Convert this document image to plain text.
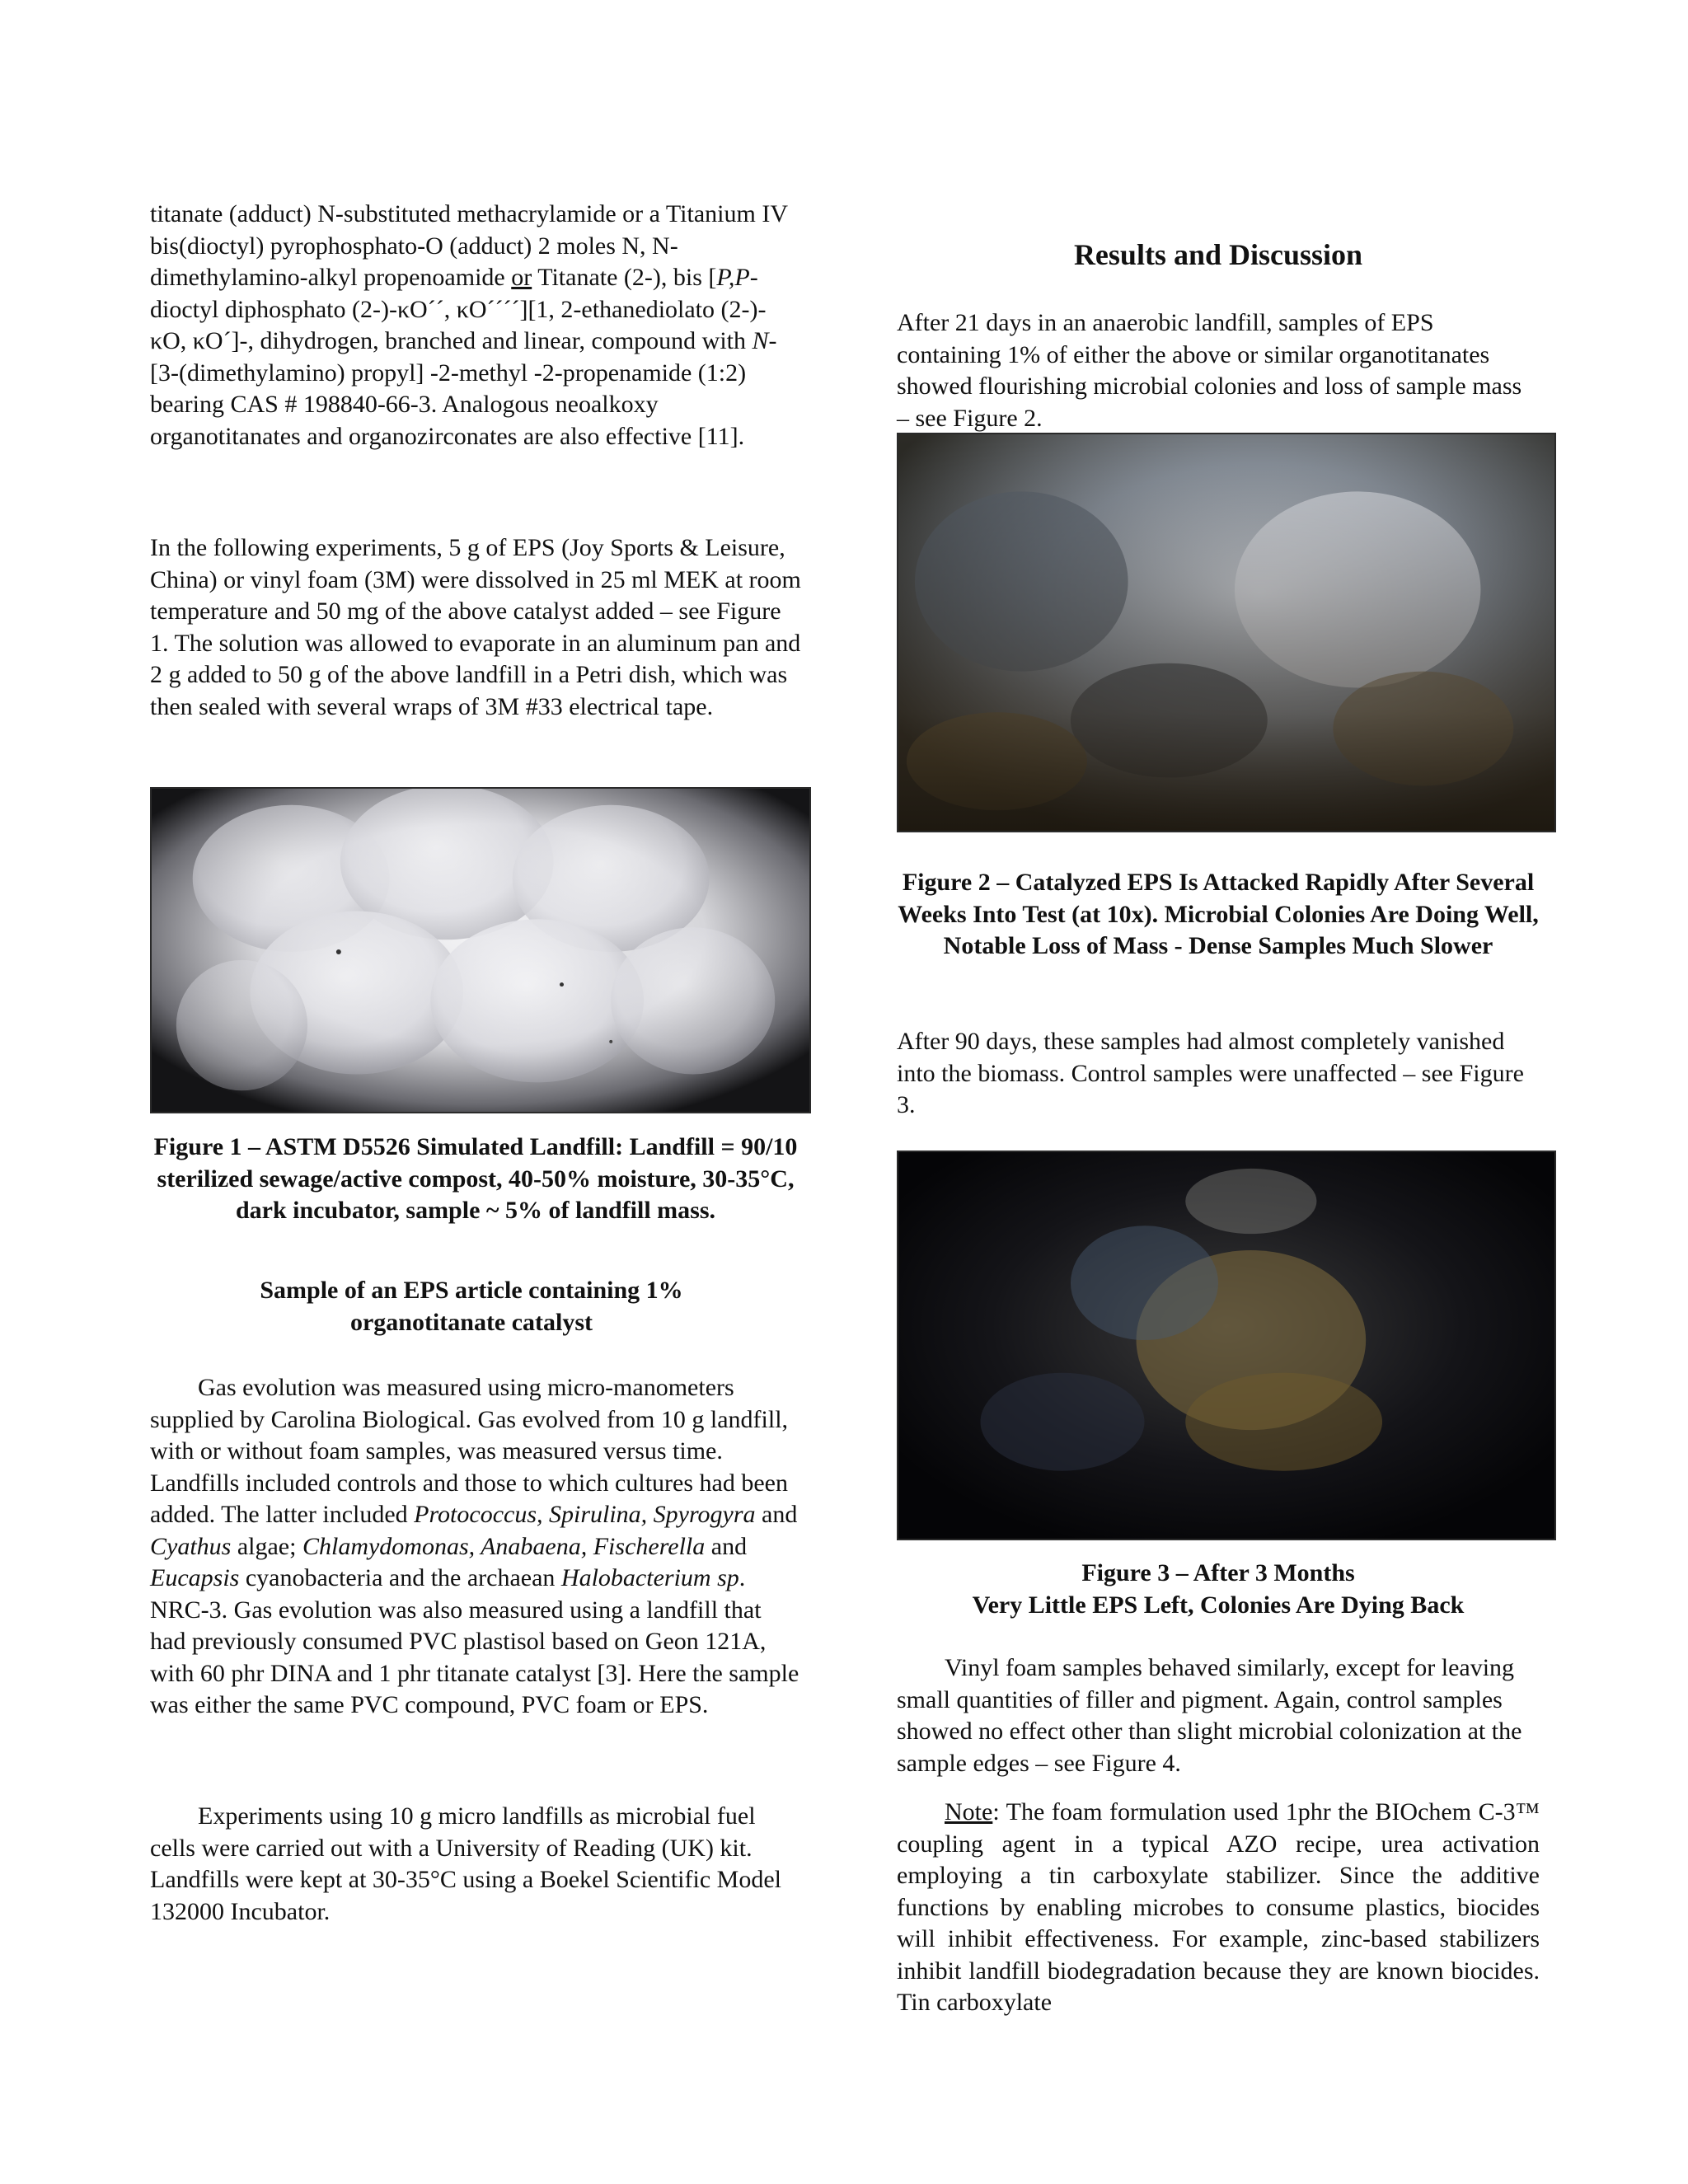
titanate (adduct) N-substituted methacrylamide or a Titanium IV bis(dioctyl) pyrophosphato-O (adduct) 2 moles N, N-dimethylamino-alkyl propenoamide or Titanate (2-), bis [P,P-dioctyl diphosphato (2-)-κO´´, κO´´´´][1, 2-ethanediolato (2-)-κO, κO´]-, dihydrogen, branched and linear, compound with N-[3-(dimethylamino) propyl] -2-methyl -2-propenamide (1:2) bearing CAS # 198840-66-3. Analogous neoalkoxy organotitanates and organozirconates are also effective [11].

In the following experiments, 5 g of EPS (Joy Sports & Leisure, China) or vinyl foam (3M) were dissolved in 25 ml MEK at room temperature and 50 mg of the above catalyst added – see Figure 1. The solution was allowed to evaporate in an aluminum pan and 2 g added to 50 g of the above landfill in a Petri dish, which was then sealed with several wraps of 3M #33 electrical tape.

Figure 1 – ASTM D5526 Simulated Landfill: Landfill = 90/10 sterilized sewage/active compost, 40-50% moisture, 30-35°C, dark incubator, sample ~ 5% of landfill mass.

Sample of an EPS article containing 1% organotitanate catalyst

Gas evolution was measured using micro-manometers supplied by Carolina Biological. Gas evolved from 10 g landfill, with or without foam samples, was measured versus time. Landfills included controls and those to which cultures had been added. The latter included Protococcus, Spirulina, Spyrogyra and Cyathus algae; Chlamydomonas, Anabaena, Fischerella and Eucapsis cyanobacteria and the archaean Halobacterium sp. NRC-3. Gas evolution was also measured using a landfill that had previously consumed PVC plastisol based on Geon 121A, with 60 phr DINA and 1 phr titanate catalyst [3]. Here the sample was either the same PVC compound, PVC foam or EPS.

Experiments using 10 g micro landfills as microbial fuel cells were carried out with a University of Reading (UK) kit. Landfills were kept at 30-35°C using a Boekel Scientific Model 132000 Incubator.

Results and Discussion

After 21 days in an anaerobic landfill, samples of EPS containing 1% of either the above or similar organotitanates showed flourishing microbial colonies and loss of sample mass – see Figure 2.

Figure 2 – Catalyzed EPS Is Attacked Rapidly After Several Weeks Into Test (at 10x). Microbial Colonies Are Doing Well, Notable Loss of Mass - Dense Samples Much Slower

After 90 days, these samples had almost completely vanished into the biomass. Control samples were unaffected – see Figure 3.

Figure 3 – After 3 Months

Very Little EPS Left, Colonies Are Dying Back

Vinyl foam samples behaved similarly, except for leaving small quantities of filler and pigment. Again, control samples showed no effect other than slight microbial colonization at the sample edges – see Figure 4.

Note: The foam formulation used 1phr the BIOchem C-3™ coupling agent in a typical AZO recipe, urea activation employing a tin carboxylate stabilizer. Since the additive functions by enabling microbes to consume plastics, biocides will inhibit effectiveness. For example, zinc-based stabilizers inhibit landfill biodegradation because they are known biocides. Tin carboxylate
